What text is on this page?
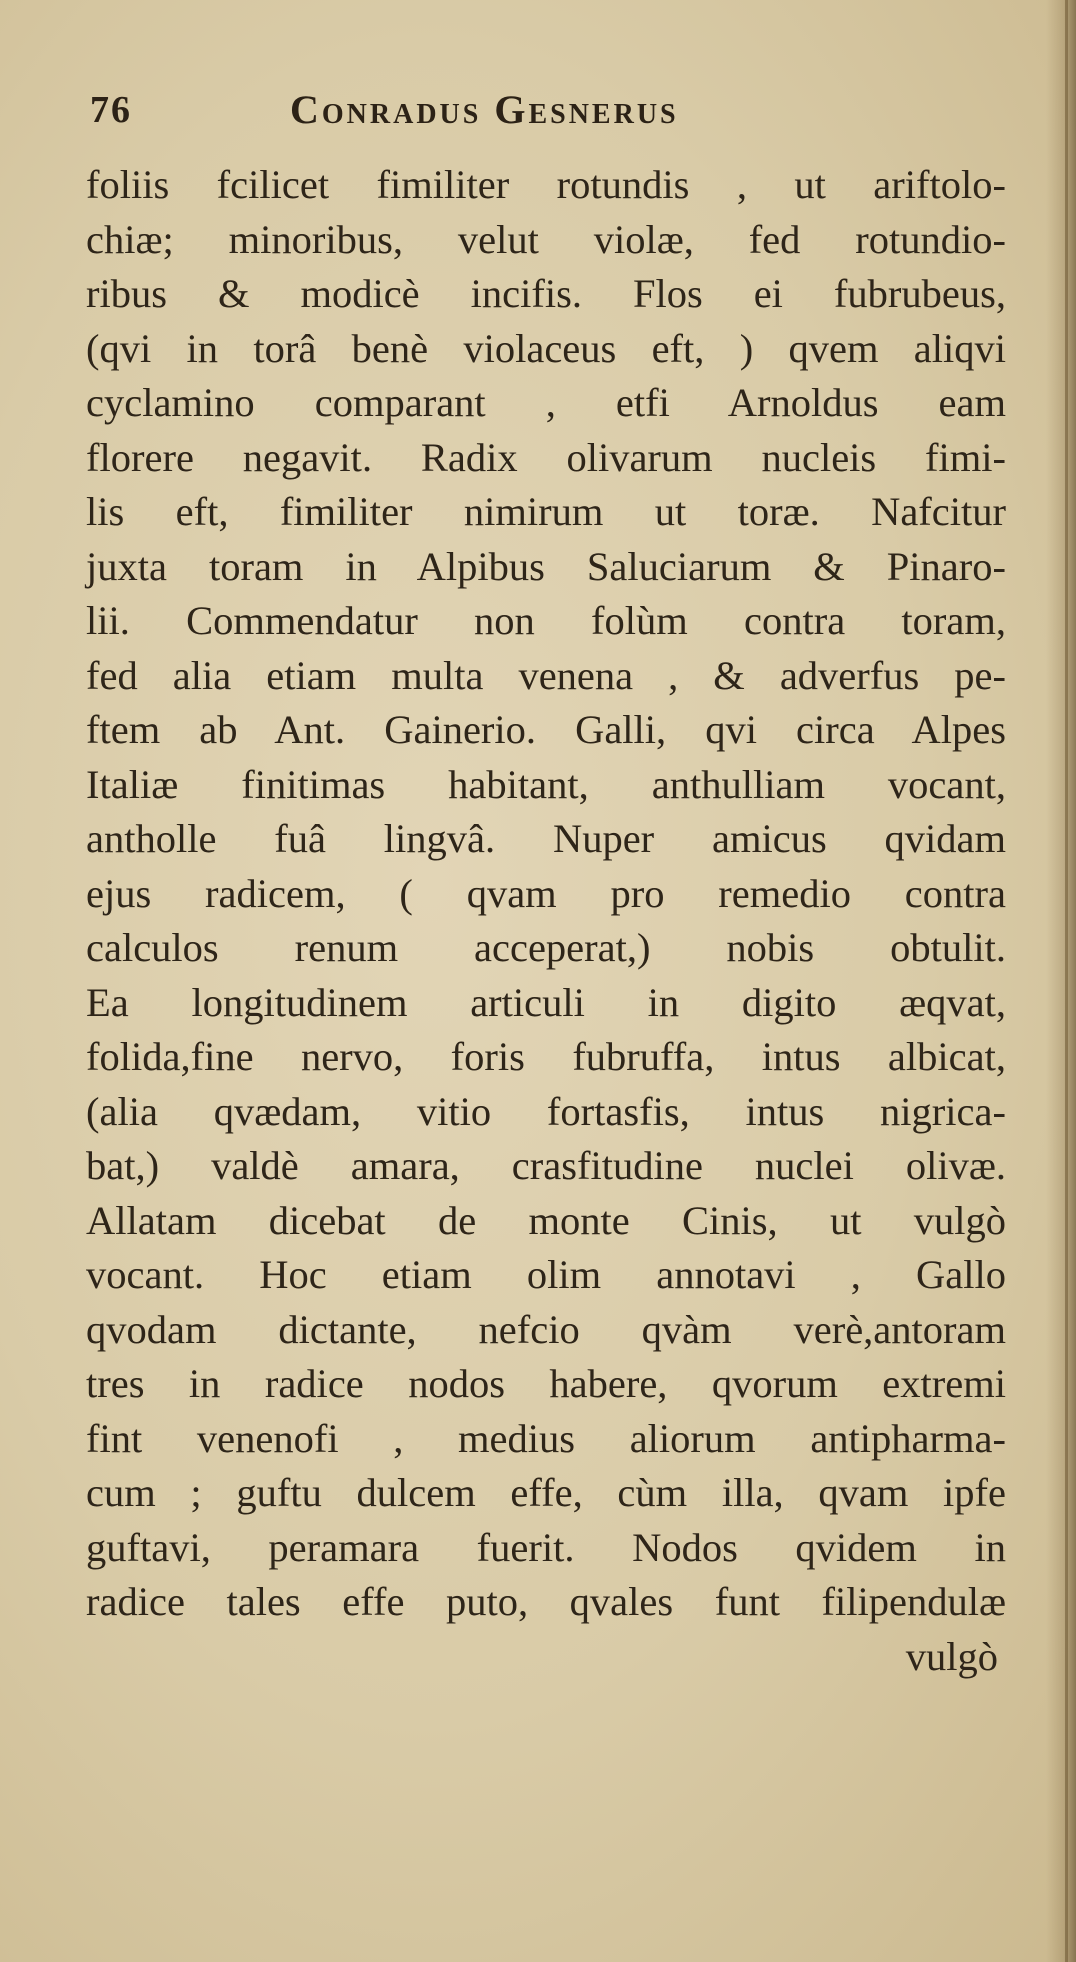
76	Conradus Gesnerus
foliis fcilicet fimiliter rotundis , ut ariftolo-
chiæ; minoribus, velut violæ, fed rotundio-
ribus & modicè incifis. Flos ei fubrubeus,
(qvi in torâ benè violaceus eft, ) qvem aliqvi
cyclamino comparant , etfi Arnoldus eam
florere negavit. Radix olivarum nucleis fimi-
lis eft, fimiliter nimirum ut toræ. Nafcitur
juxta toram in Alpibus Saluciarum & Pinaro-
lii. Commendatur non folùm contra toram,
fed alia etiam multa venena , & adverfus pe-
ftem ab Ant. Gainerio. Galli, qvi circa Alpes
Italiæ finitimas habitant, anthulliam vocant,
antholle fuâ lingvâ. Nuper amicus qvidam
ejus radicem, ( qvam pro remedio contra
calculos renum acceperat,) nobis obtulit.
Ea longitudinem articuli in digito æqvat,
folida,fine nervo, foris fubruffa, intus albicat,
(alia qvædam, vitio fortasfis, intus nigrica-
bat,) valdè amara, crasfitudine nuclei olivæ.
Allatam dicebat de monte Cinis, ut vulgò
vocant. Hoc etiam olim annotavi , Gallo
qvodam dictante, nefcio qvàm verè,antoram
tres in radice nodos habere, qvorum extremi
fint venenofi , medius aliorum antipharma-
cum ; guftu dulcem effe, cùm illa, qvam ipfe
guftavi, peramara fuerit. Nodos qvidem in
radice tales effe puto, qvales funt filipendulæ
vulgò
